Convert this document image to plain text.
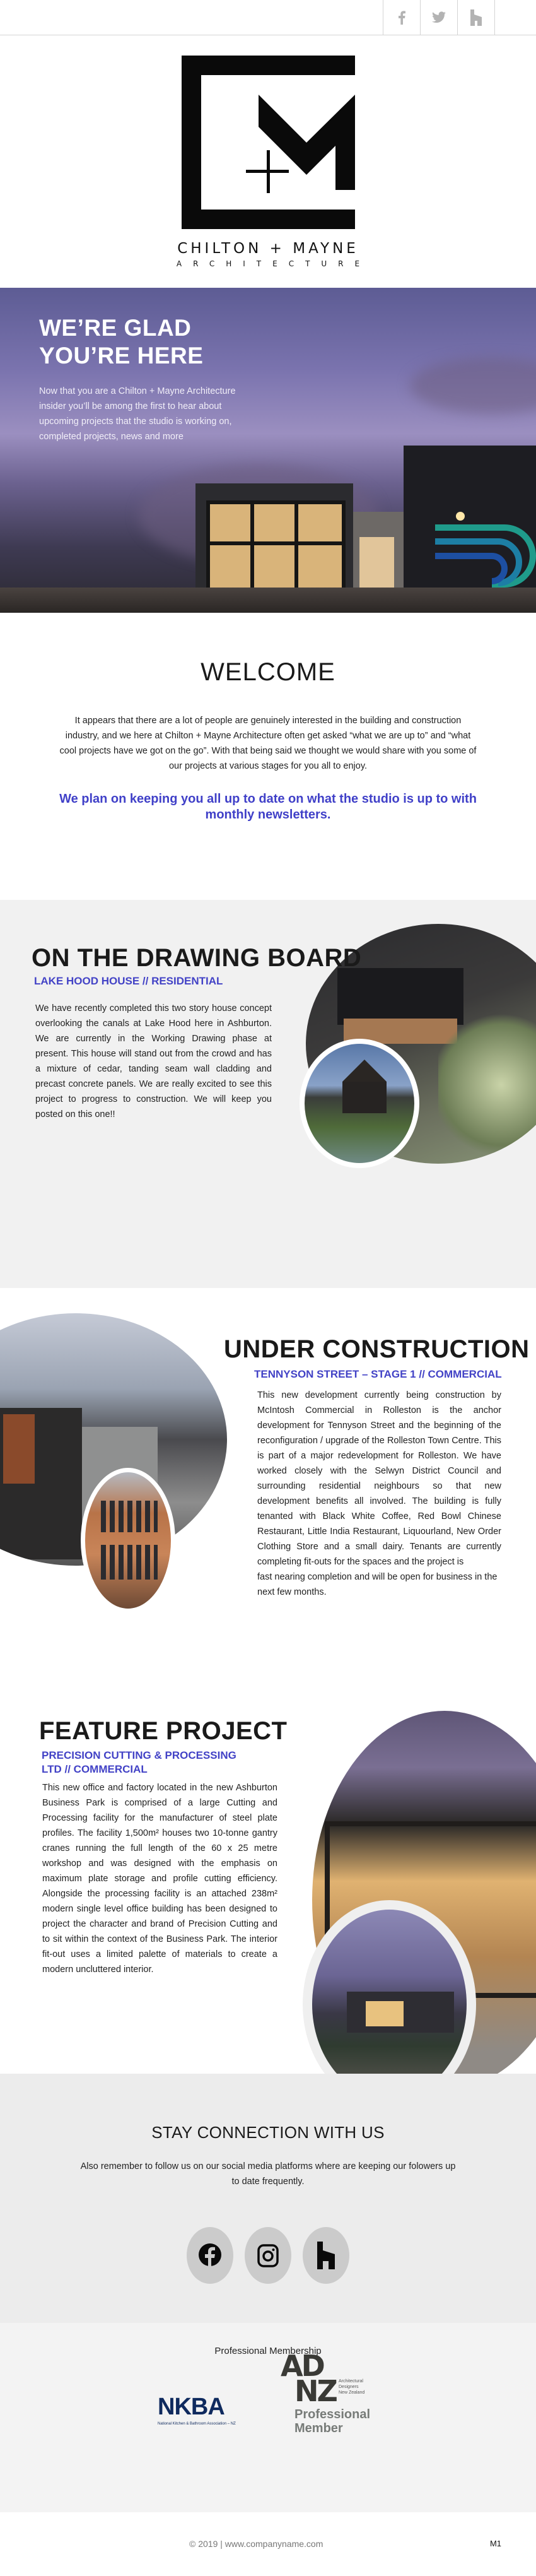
CHILTON + MAYNE
ARCHITECTURE
WE’RE GLAD
YOU’RE HERE
Now that you are a Chilton + Mayne Architecture insider you’ll be among the first to hear about upcoming projects that the studio is working on, completed projects, news and more
WELCOME

It appears that there are a lot of people are genuinely interested in the building and construction industry, and we here at Chilton + Mayne Architecture often get asked “what we are up to” and “what cool projects have we got on the go”. With that being said we thought we would share with you some of our projects at various stages for you all to enjoy.

We plan on keeping you all up to date on what the studio is up to with monthly newsletters.
ON THE DRAWING BOARD
LAKE HOOD HOUSE // RESIDENTIAL
We have recently completed this two story house concept overlooking the canals at Lake Hood here in Ashburton. We are currently in the Working Drawing phase at present. This house will stand out from the crowd and has a mixture of cedar, tanding seam wall cladding and precast concrete panels. We are really excited to see this project to progress to construction. We will keep you posted on this one!!
UNDER CONSTRUCTION
TENNYSON STREET – STAGE 1 // COMMERCIAL
This new development currently being construction by McIntosh Commercial in Rolleston is the anchor development for Tennyson Street and the beginning of the reconfiguration / upgrade of the Rolleston Town Centre. This is part of a major redevelopment for Rolleston. We have worked closely with the Selwyn District Council and surrounding residential neighbours so that new development benefits all involved. The building is fully tenanted with Black White Coffee, Red Bowl Chinese Restaurant, Little India Restaurant, Liquourland, New Order Clothing Store and a small dairy. Tenants are currently completing fit-outs for the spaces and the project is
fast nearing completion and will be open for business in the next few months.
FEATURE PROJECT
PRECISION CUTTING & PROCESSING LTD // COMMERCIAL
This new office and factory located in the new Ashburton Business Park is comprised of a large Cutting and Processing facility for the manufacturer of steel plate profiles. The facility 1,500m² houses two 10-tonne gantry cranes running the full length of the 60 x 25 metre workshop and was designed with the emphasis on maximum plate storage and profile cutting efficiency. Alongside the processing facility is an attached 238m² modern single level office building has been designed to project the character and brand of Precision Cutting and to sit within the context of the Business Park. The interior fit-out uses a limited palette of materials to create a modern uncluttered interior.
STAY CONNECTION WITH US

Also remember to follow us on our social media platforms where are keeping our folowers up to date frequently.

Professional Membership
NKBA
National Kitchen & Bathroom Association – NZ
AD
NZ Architectural
Designers
New Zealand
Professional
Member
© 2019 | www.companyname.com	M1
